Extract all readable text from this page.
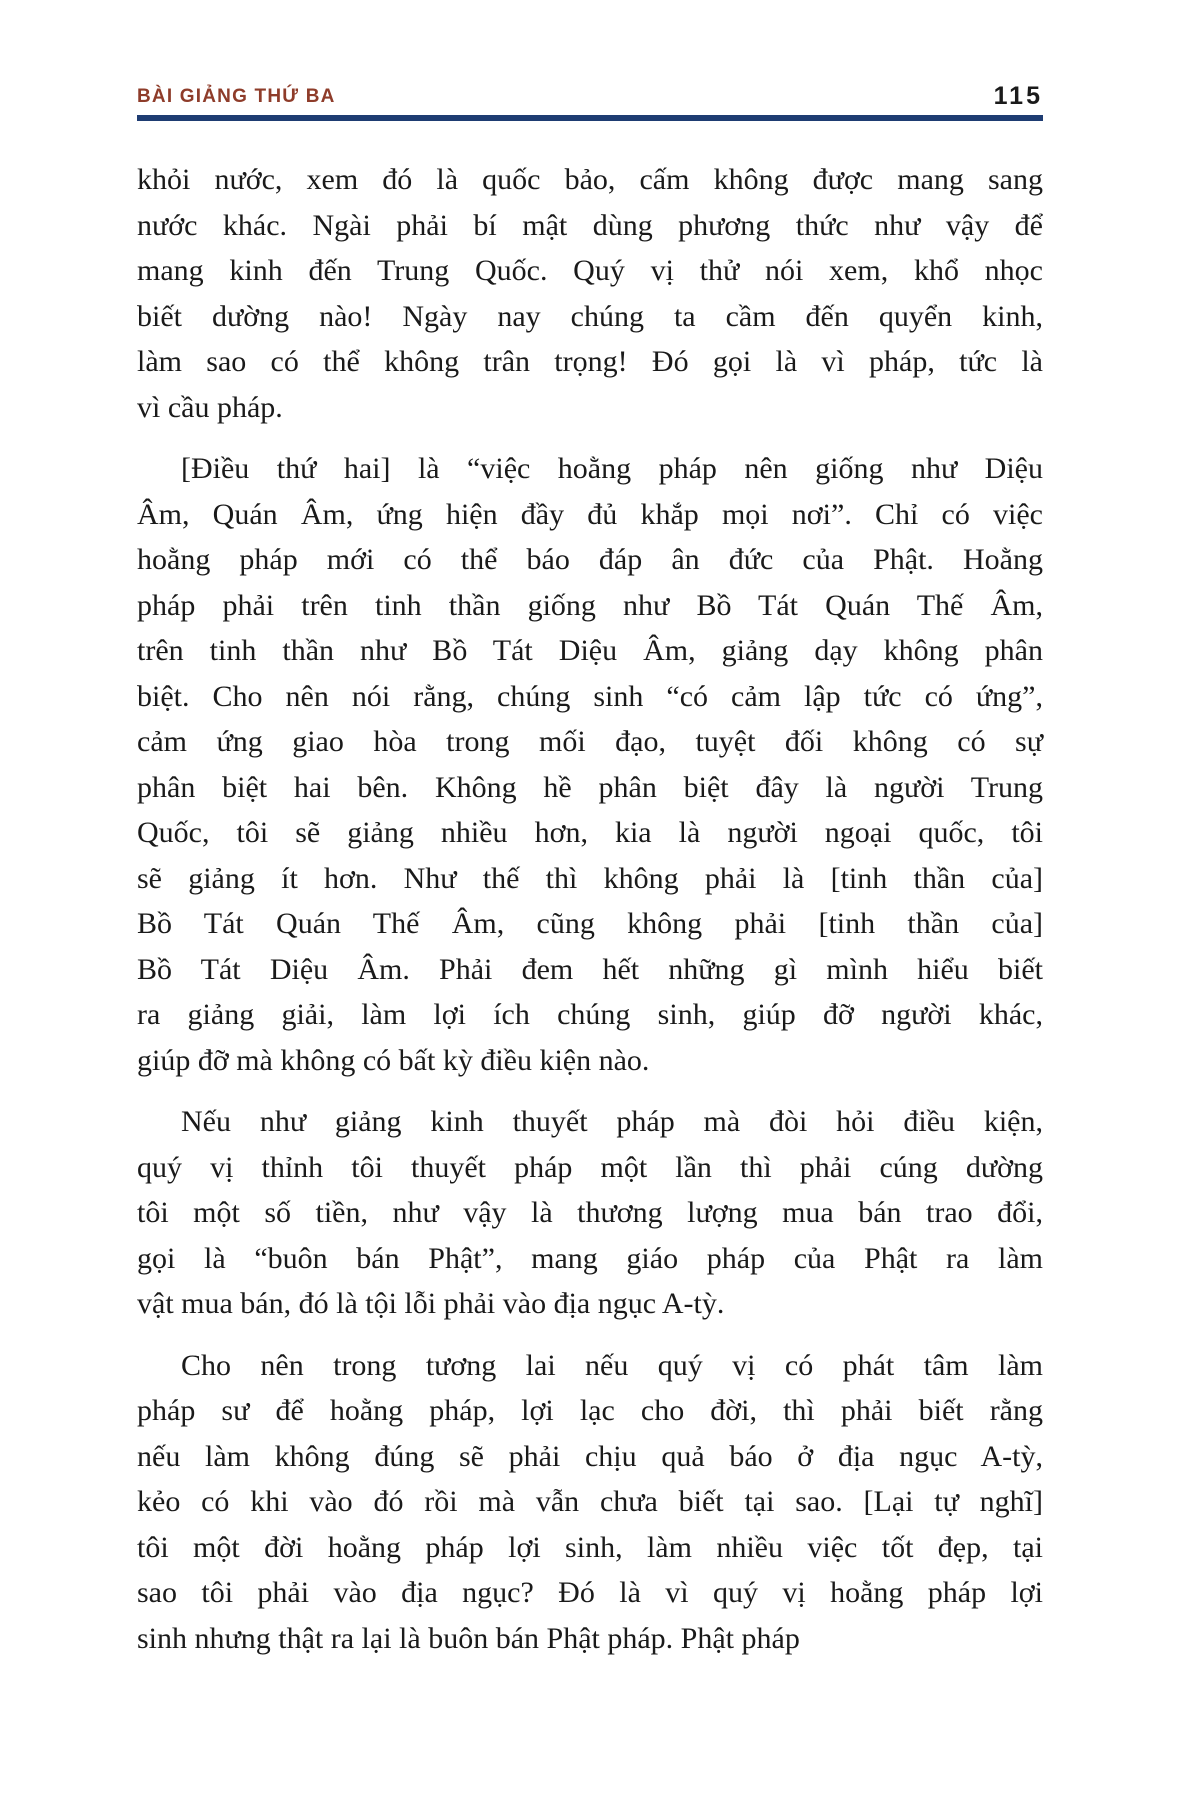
BÀI GIẢNG THỨ BA	115
khỏi nước, xem đó là quốc bảo, cấm không được mang sang
nước khác. Ngài phải bí mật dùng phương thức như vậy để
mang kinh đến Trung Quốc. Quý vị thử nói xem, khổ nhọc
biết dường nào! Ngày nay chúng ta cầm đến quyển kinh,
làm sao có thể không trân trọng! Đó gọi là vì pháp, tức là
vì cầu pháp.
[Điều thứ hai] là “việc hoằng pháp nên giống như Diệu
Âm, Quán Âm, ứng hiện đầy đủ khắp mọi nơi”. Chỉ có việc
hoằng pháp mới có thể báo đáp ân đức của Phật. Hoằng
pháp phải trên tinh thần giống như Bồ Tát Quán Thế Âm,
trên tinh thần như Bồ Tát Diệu Âm, giảng dạy không phân
biệt. Cho nên nói rằng, chúng sinh “có cảm lập tức có ứng”,
cảm ứng giao hòa trong mối đạo, tuyệt đối không có sự
phân biệt hai bên. Không hề phân biệt đây là người Trung
Quốc, tôi sẽ giảng nhiều hơn, kia là người ngoại quốc, tôi
sẽ giảng ít hơn. Như thế thì không phải là [tinh thần của]
Bồ Tát Quán Thế Âm, cũng không phải [tinh thần của]
Bồ Tát Diệu Âm. Phải đem hết những gì mình hiểu biết
ra giảng giải, làm lợi ích chúng sinh, giúp đỡ người khác,
giúp đỡ mà không có bất kỳ điều kiện nào.
Nếu như giảng kinh thuyết pháp mà đòi hỏi điều kiện,
quý vị thỉnh tôi thuyết pháp một lần thì phải cúng dường
tôi một số tiền, như vậy là thương lượng mua bán trao đổi,
gọi là “buôn bán Phật”, mang giáo pháp của Phật ra làm
vật mua bán, đó là tội lỗi phải vào địa ngục A-tỳ.
Cho nên trong tương lai nếu quý vị có phát tâm làm
pháp sư để hoằng pháp, lợi lạc cho đời, thì phải biết rằng
nếu làm không đúng sẽ phải chịu quả báo ở địa ngục A-tỳ,
kẻo có khi vào đó rồi mà vẫn chưa biết tại sao. [Lại tự nghĩ]
tôi một đời hoằng pháp lợi sinh, làm nhiều việc tốt đẹp, tại
sao tôi phải vào địa ngục? Đó là vì quý vị hoằng pháp lợi
sinh nhưng thật ra lại là buôn bán Phật pháp. Phật pháp
